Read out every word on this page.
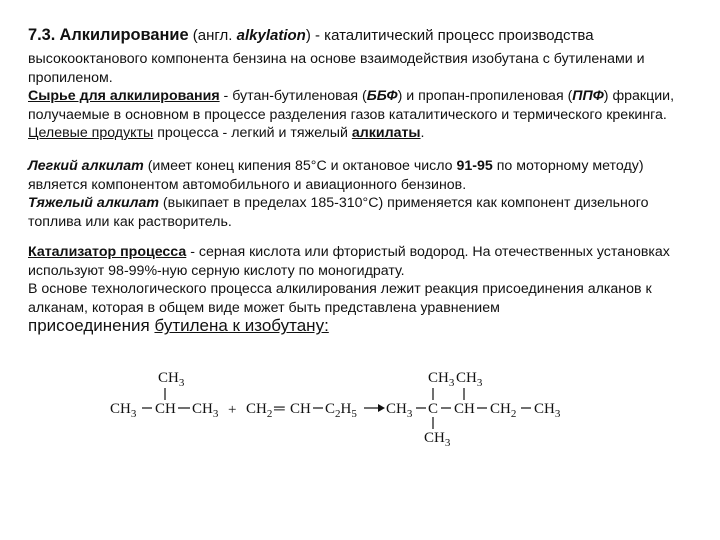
7.3. Алкилирование (англ. alkylation) - каталитический процесс производства
высокооктанового компонента бензина на основе взаимодействия изобутана с бутиленами и пропиленом.
Сырье для алкилирования - бутан-бутиленовая (ББФ) и пропан-пропиленовая (ППФ) фракции, получаемые в основном в процессе разделения газов каталитического и термического крекинга. Целевые продукты процесса - легкий и тяжелый алкилаты.
Легкий алкилат (имеет конец кипения 85°С и октановое число 91-95 по моторному методу) является компонентом автомобильного и авиационного бензинов.
Тяжелый алкилат (выкипает в пределах 185-310°С) применяется как компонент дизельного топлива или как растворитель.
Катализатор процесса - серная кислота или фтористый водород. На отечественных установках используют 98-99%-ную серную кислоту по моногидрату.
В основе технологического процесса алкилирования лежит реакция присоединения алканов к алканам, которая в общем виде может быть представлена уравнением
присоединения бутилена к изобутану:
$CH_3$
$CH_3$ CH $CH_3 + CH_2$ ═ CH $C_2H_5$ $CH_3$
$CH_3$
C
$CH_3$
$CH_3$
CH $CH_2$ $CH_3$
